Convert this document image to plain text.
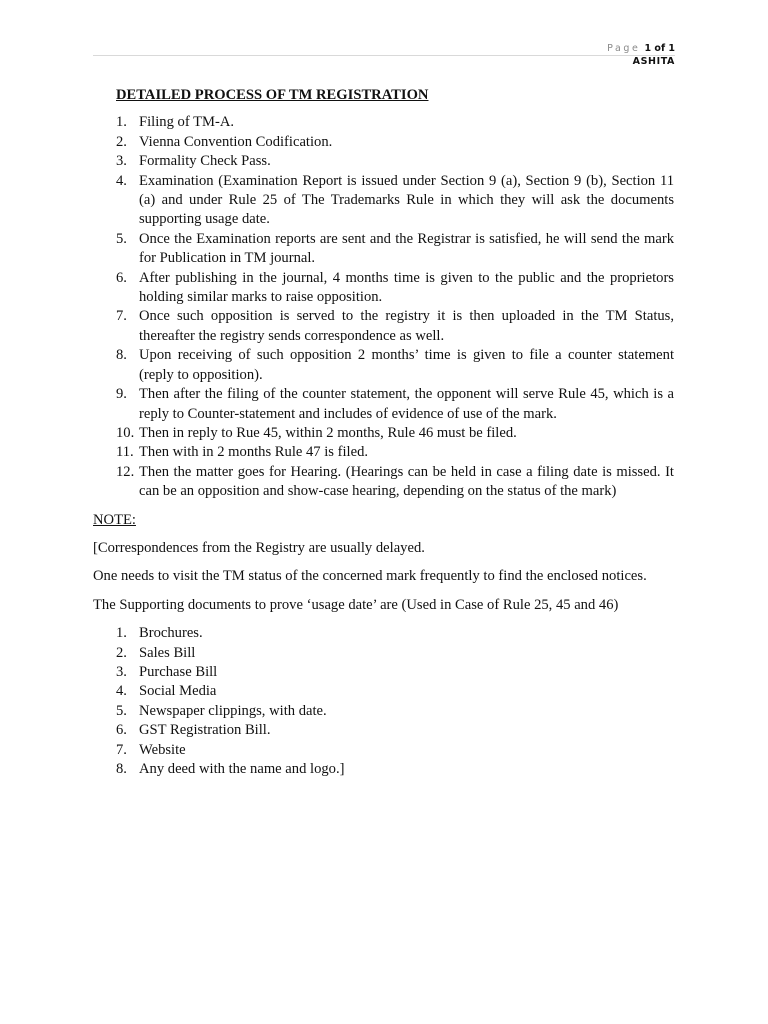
Page 1 of 1
ASHITA
DETAILED PROCESS OF TM REGISTRATION
1. Filing of TM-A.
2. Vienna Convention Codification.
3. Formality Check Pass.
4. Examination (Examination Report is issued under Section 9 (a), Section 9 (b), Section 11 (a) and under Rule 25 of The Trademarks Rule in which they will ask the documents supporting usage date.
5. Once the Examination reports are sent and the Registrar is satisfied, he will send the mark for Publication in TM journal.
6. After publishing in the journal, 4 months time is given to the public and the proprietors holding similar marks to raise opposition.
7. Once such opposition is served to the registry it is then uploaded in the TM Status, thereafter the registry sends correspondence as well.
8. Upon receiving of such opposition 2 months’ time is given to file a counter statement (reply to opposition).
9. Then after the filing of the counter statement, the opponent will serve Rule 45, which is a reply to Counter-statement and includes of evidence of use of the mark.
10. Then in reply to Rue 45, within 2 months, Rule 46 must be filed.
11. Then with in 2 months Rule 47 is filed.
12. Then the matter goes for Hearing. (Hearings can be held in case a filing date is missed. It can be an opposition and show-case hearing, depending on the status of the mark)
NOTE:

[Correspondences from the Registry are usually delayed.

One needs to visit the TM status of the concerned mark frequently to find the enclosed notices.

The Supporting documents to prove ‘usage date’ are (Used in Case of Rule 25, 45 and 46)

1. Brochures.
2. Sales Bill
3. Purchase Bill
4. Social Media
5. Newspaper clippings, with date.
6. GST Registration Bill.
7. Website
8. Any deed with the name and logo.]
